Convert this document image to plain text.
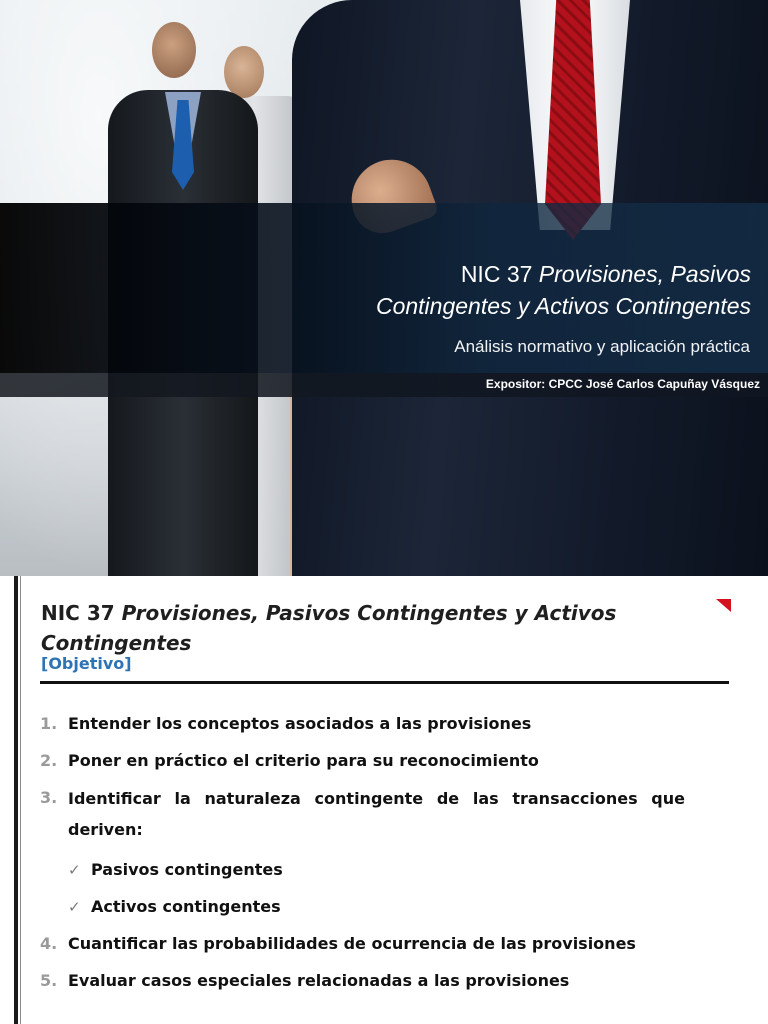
NIC 37 Provisiones, Pasivos
Contingentes y Activos Contingentes
Análisis normativo y aplicación práctica
Expositor: CPCC José Carlos Capuñay Vásquez
NIC 37 Provisiones, Pasivos Contingentes y Activos Contingentes
[Objetivo]
1. Entender los conceptos asociados a las provisiones
2. Poner en práctico el criterio para su reconocimiento
3. Identificar la naturaleza contingente de las transacciones que deriven:
✓ Pasivos contingentes
✓ Activos contingentes
4. Cuantificar las probabilidades de ocurrencia de las provisiones
5. Evaluar casos especiales relacionadas a las provisiones
